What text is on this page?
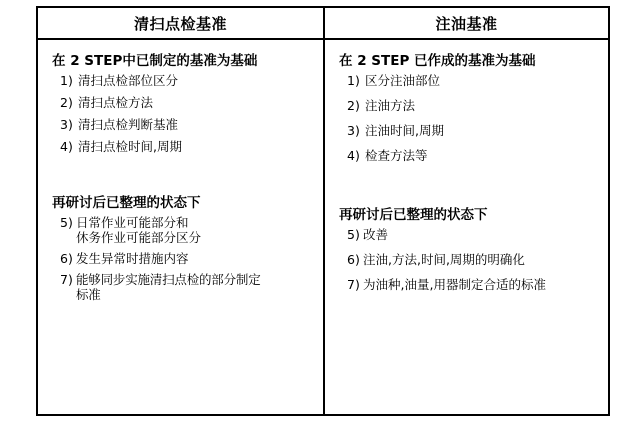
清扫点检基准	注油基准
在 2 STEP中已制定的基准为基础
1) 清扫点检部位区分
2) 清扫点检方法
3) 清扫点检判断基准
4) 清扫点检时间,周期
再研讨后已整理的状态下
5) 日常作业可能部分和
休务作业可能部分区分
6) 发生异常时措施内容
7) 能够同步实施清扫点检的部分制定
标准
在 2 STEP 已作成的基准为基础
1) 区分注油部位
2) 注油方法
3) 注油时间,周期
4) 检查方法等
再研讨后已整理的状态下
5) 改善
6) 注油,方法,时间,周期的明确化
7) 为油种,油量,用器制定合适的标准
